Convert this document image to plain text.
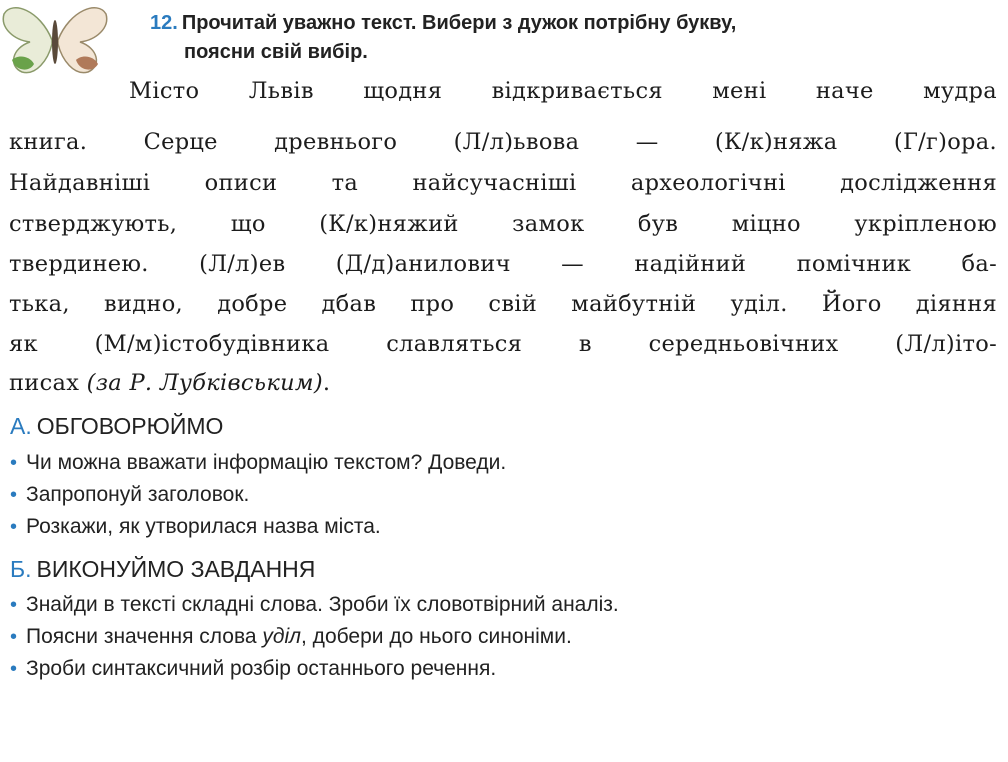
12. Прочитай уважно текст. Вибери з дужок потрібну букву,
поясни свій вибір.
Місто Львів щодня відкривається мені наче мудра
книга.	Серце	древнього	(Л/л)ьвова	—	(К/к)няжа	(Г/г)ора.
Найдавніші описи та найсучасніші археологічні дослідження
стверджують, що (К/к)няжий замок був міцно укріпленою
твердинею. (Л/л)ев (Д/д)анилович — надійний помічник ба-
тька, видно, добре дбав про свій майбутній уділ. Його діяння
як	(М/м)істобудівника	славляться	в	середньовічних	(Л/л)іто-
писах (за Р. Лубківським).
А. ОБГОВОРЮЙМО
• Чи можна вважати інформацію текстом? Доведи.
• Запропонуй заголовок.
• Розкажи, як утворилася назва міста.
Б. ВИКОНУЙМО ЗАВДАННЯ
• Знайди в тексті складні слова. Зроби їх словотвірний аналіз.
• Поясни значення слова уділ, добери до нього синоніми.
• Зроби синтаксичний розбір останнього речення.
